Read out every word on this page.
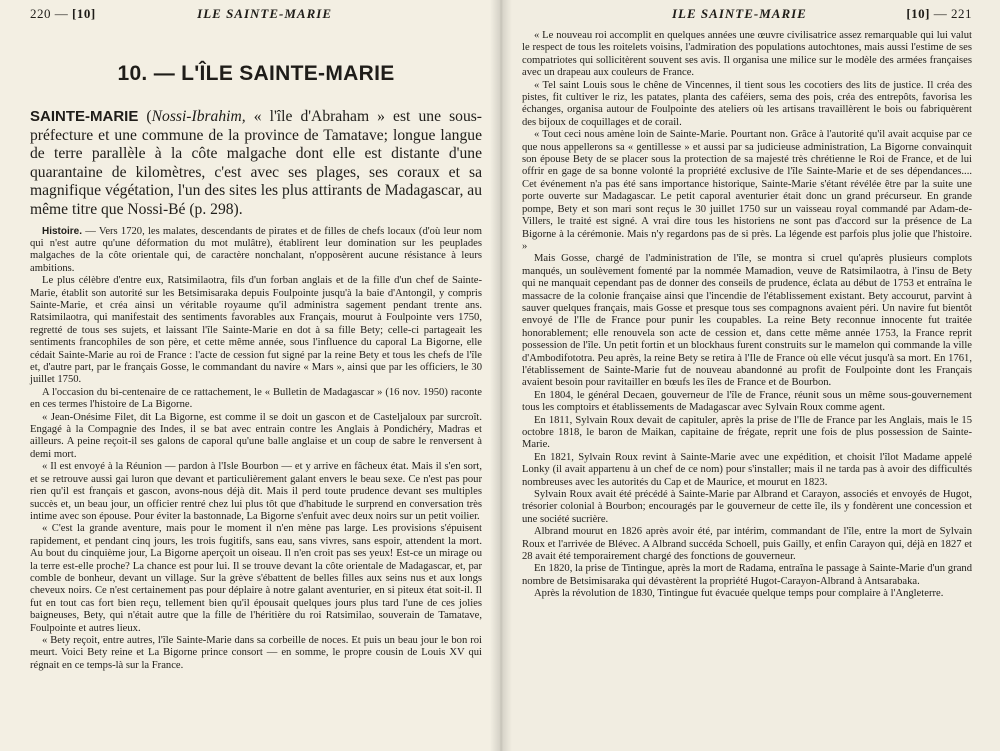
220 — [10]	ILE SAINTE-MARIE
10. — L'ÎLE SAINTE-MARIE

SAINTE-MARIE (Nossi-Ibrahim, « l'île d'Abraham » est une sous-préfecture et une commune de la province de Tamatave; longue langue de terre parallèle à la côte malgache dont elle est distante d'une quarantaine de kilomètres, c'est avec ses plages, ses coraux et sa magnifique végétation, l'un des sites les plus attirants de Madagascar, au même titre que Nossi-Bé (p. 298).

Histoire. — Vers 1720, les malates, descendants de pirates et de filles de chefs locaux (d'où leur nom qui n'est autre qu'une déformation du mot mulâtre), établirent leur domination sur les peuplades malgaches de la côte orientale qui, de caractère nonchalant, n'opposèrent aucune résistance à leurs ambitions.

Le plus célèbre d'entre eux, Ratsimilaotra, fils d'un forban anglais et de la fille d'un chef de Sainte-Marie, établit son autorité sur les Betsimisaraka depuis Foulpointe jusqu'à la baie d'Antongil, y compris Sainte-Marie, et créa ainsi un véritable royaume qu'il administra sagement pendant trente ans. Ratsimilaotra, qui manifestait des sentiments favorables aux Français, mourut à Foulpointe vers 1750, regretté de tous ses sujets, et laissant l'île Sainte-Marie en dot à sa fille Bety; celle-ci partageait les sentiments francophiles de son père, et cette même année, sous l'influence du caporal La Bigorne, elle cédait Sainte-Marie au roi de France : l'acte de cession fut signé par la reine Bety et tous les chefs de l'île et, d'autre part, par le français Gosse, le commandant du navire « Mars », ainsi que par les officiers, le 30 juillet 1750.

A l'occasion du bi-centenaire de ce rattachement, le « Bulletin de Madagascar » (16 nov. 1950) raconte en ces termes l'histoire de La Bigorne.

« Jean-Onésime Filet, dit La Bigorne, est comme il se doit un gascon et de Casteljaloux par surcroît. Engagé à la Compagnie des Indes, il se bat avec entrain contre les Anglais à Pondichéry, Madras et ailleurs. A peine reçoit-il ses galons de caporal qu'une balle anglaise et un coup de sabre le renversent à demi mort.

« Il est envoyé à la Réunion — pardon à l'Isle Bourbon — et y arrive en fâcheux état. Mais il s'en sort, et se retrouve aussi gai luron que devant et particulièrement galant envers le beau sexe. Ce n'est pas pour rien qu'il est français et gascon, avons-nous déjà dit. Mais il perd toute prudence devant ses multiples succès et, un beau jour, un officier rentré chez lui plus tôt que d'habitude le surprend en conversation très intime avec son épouse. Pour éviter la bastonnade, La Bigorne s'enfuit avec deux noirs sur un petit voilier.

« C'est la grande aventure, mais pour le moment il n'en mène pas large. Les provisions s'épuisent rapidement, et pendant cinq jours, les trois fugitifs, sans eau, sans vivres, sans espoir, attendent la mort. Au bout du cinquième jour, La Bigorne aperçoit un oiseau. Il n'en croit pas ses yeux! Est-ce un mirage ou la terre est-elle proche? La chance est pour lui. Il se trouve devant la côte orientale de Madagascar, et, par comble de bonheur, devant un village. Sur la grève s'ébattent de belles filles aux seins nus et aux longs cheveux noirs. Ce n'est certainement pas pour déplaire à notre galant aventurier, en si piteux état soit-il. Il fut en tout cas fort bien reçu, tellement bien qu'il épousait quelques jours plus tard l'une de ces jolies baigneuses, Bety, qui n'était autre que la fille de l'héritière du roi Ratsimilao, souverain de Tamatave, Foulpointe et autres lieux.

« Bety reçoit, entre autres, l'île Sainte-Marie dans sa corbeille de noces. Et puis un beau jour le bon roi meurt. Voici Bety reine et La Bigorne prince consort — en somme, le propre cousin de Louis XV qui régnait en ce temps-là sur la France.

ILE SAINTE-MARIE	[10] — 221

« Le nouveau roi accomplit en quelques années une œuvre civilisatrice assez remarquable qui lui valut le respect de tous les roitelets voisins, l'admiration des populations autochtones, mais aussi l'estime de ses compatriotes qui sollicitèrent souvent ses avis. Il organisa une milice sur le modèle des armées françaises avec un drapeau aux couleurs de France.

« Tel saint Louis sous le chêne de Vincennes, il tient sous les cocotiers des lits de justice. Il créa des pistes, fit cultiver le riz, les patates, planta des caféiers, sema des pois, créa des entrepôts, favorisa les échanges, organisa autour de Foulpointe des ateliers où les artisans travaillèrent le bois ou fabriquèrent des bijoux de coquillages et de corail.

« Tout ceci nous amène loin de Sainte-Marie. Pourtant non. Grâce à l'autorité qu'il avait acquise par ce que nous appellerons sa « gentillesse » et aussi par sa judicieuse administration, La Bigorne convainquit son épouse Bety de se placer sous la protection de sa majesté très chrétienne le Roi de France, et de lui offrir en gage de sa bonne volonté la propriété exclusive de l'île Sainte-Marie et de ses dépendances.... Cet événement n'a pas été sans importance historique, Sainte-Marie s'étant révélée être par la suite une porte ouverte sur Madagascar. Le petit caporal aventurier était donc un grand précurseur. En grande pompe, Bety et son mari sont reçus le 30 juillet 1750 sur un vaisseau royal commandé par Adam-de-Villers, le traité est signé. A vrai dire tous les historiens ne sont pas d'accord sur la présence de La Bigorne à la cérémonie. Mais n'y regardons pas de si près. La légende est parfois plus jolie que l'histoire. »

Mais Gosse, chargé de l'administration de l'île, se montra si cruel qu'après plusieurs complots manqués, un soulèvement fomenté par la nommée Mamadion, veuve de Ratsimilaotra, à l'insu de Bety qui ne manquait cependant pas de donner des conseils de prudence, éclata au début de 1753 et entraîna le massacre de la colonie française ainsi que l'incendie de l'établissement existant. Bety accourut, parvint à sauver quelques français, mais Gosse et presque tous ses compagnons avaient péri. Un navire fut bientôt envoyé de l'Ile de France pour punir les coupables. La reine Bety reconnue innocente fut traitée honorablement; elle renouvela son acte de cession et, dans cette même année 1753, la France reprit possession de l'île. Un petit fortin et un blockhaus furent construits sur le mamelon qui commande la ville d'Ambodifototra. Peu après, la reine Bety se retira à l'Ile de France où elle vécut jusqu'à sa mort. En 1761, l'établissement de Sainte-Marie fut de nouveau abandonné au profit de Foulpointe dont les Français avaient besoin pour ravitailler en bœufs les îles de France et de Bourbon.

En 1804, le général Decaen, gouverneur de l'île de France, réunit sous un même sous-gouvernement tous les comptoirs et établissements de Madagascar avec Sylvain Roux comme agent.

En 1811, Sylvain Roux devait de capituler, après la prise de l'Ile de France par les Anglais, mais le 15 octobre 1818, le baron de Maikan, capitaine de frégate, reprit une fois de plus possession de Sainte-Marie.

En 1821, Sylvain Roux revint à Sainte-Marie avec une expédition, et choisit l'îlot Madame appelé Lonky (il avait appartenu à un chef de ce nom) pour s'installer; mais il ne tarda pas à avoir des difficultés nombreuses avec les autorités du Cap et de Maurice, et mourut en 1823.

Sylvain Roux avait été précédé à Sainte-Marie par Albrand et Carayon, associés et envoyés de Hugot, trésorier colonial à Bourbon; encouragés par le gouverneur de cette île, ils y fondèrent une concession et une société sucrière.

Albrand mourut en 1826 après avoir été, par intérim, commandant de l'île, entre la mort de Sylvain Roux et l'arrivée de Blévec. A Albrand succéda Schoell, puis Gailly, et enfin Carayon qui, déjà en 1827 et 28 avait été temporairement chargé des fonctions de gouverneur.

En 1820, la prise de Tintingue, après la mort de Radama, entraîna le passage à Sainte-Marie d'un grand nombre de Betsimisaraka qui dévastèrent la propriété Hugot-Carayon-Albrand à Antsarabaka.

Après la révolution de 1830, Tintingue fut évacuée quelque temps pour complaire à l'Angleterre.
